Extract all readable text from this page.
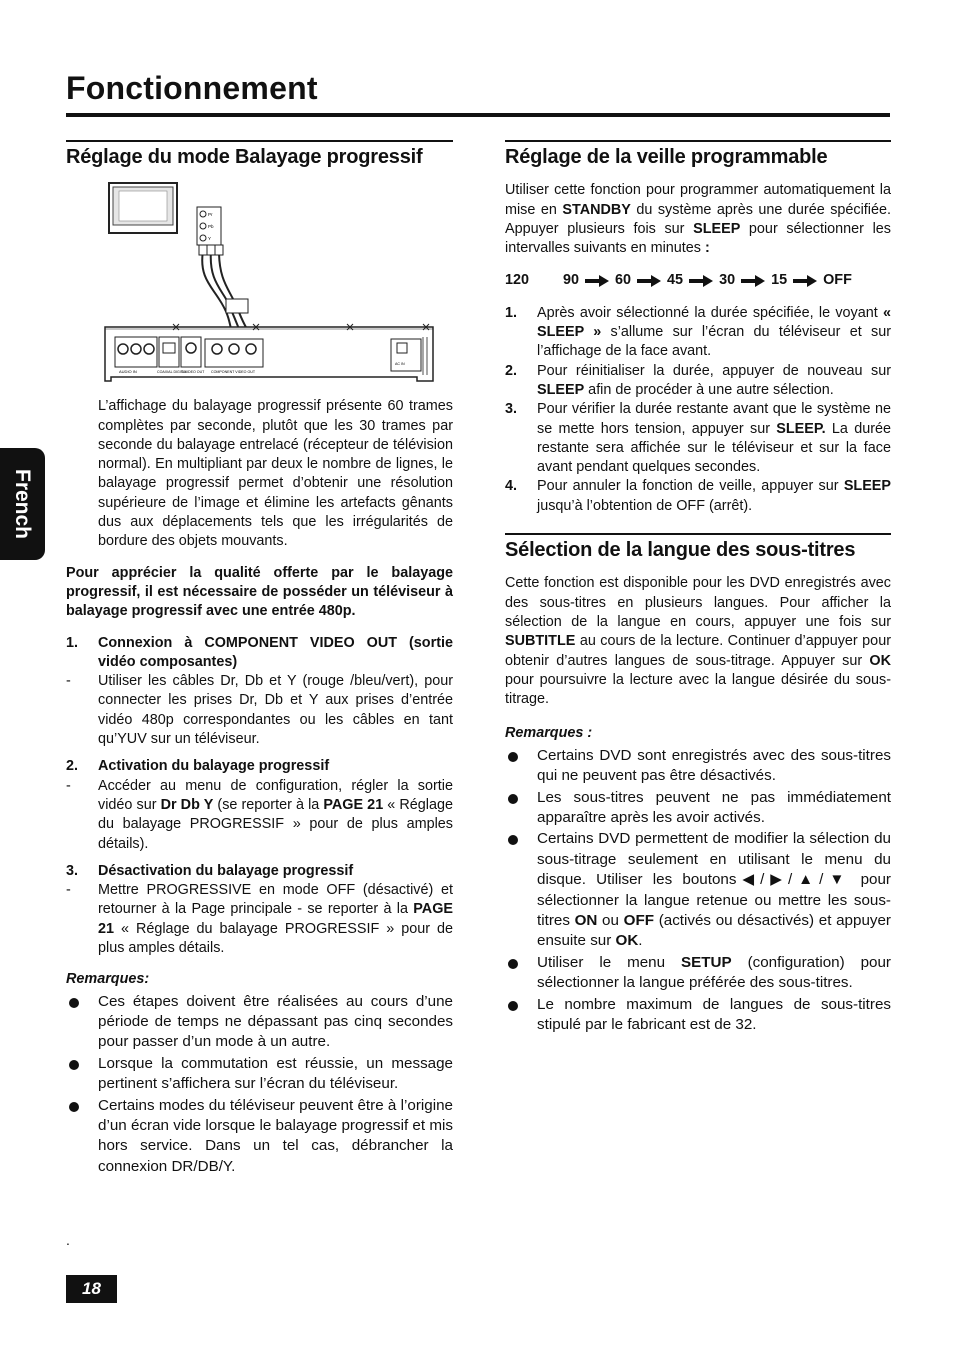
Fonctionnement
French
Réglage du mode Balayage progressif
Pr
Pb
Y
AUDIO IN	COAXIAL DIGITAL
S-VIDEO OUT COMPONENT VIDEO OUT
AC IN

L’affichage du balayage progressif présente 60 trames complètes par seconde, plutôt que les 30 trames par seconde du balayage entrelacé (récepteur de télévision normal). En multipliant par deux le nombre de lignes, le balayage progressif permet d’obtenir une résolution supérieure de l’image et élimine les artefacts gênants dus aux déplacements tels que les irrégularités de bordure des objets mouvants.

Pour apprécier la qualité offerte par le balayage progressif, il est nécessaire de posséder un téléviseur à balayage progressif avec une entrée 480p.

1. Connexion à COMPONENT VIDEO OUT (sortie vidéo composantes)
- Utiliser les câbles Dr, Db et Y (rouge /bleu/vert), pour connecter les prises Dr, Db et Y aux prises d’entrée vidéo 480p correspondantes ou les câbles en tant qu’YUV sur un téléviseur.
2. Activation du balayage progressif
- Accéder au menu de configuration, régler la sortie vidéo sur Dr Db Y (se reporter à la PAGE 21 « Réglage du balayage PROGRESSIF » pour de plus amples détails).
3. Désactivation du balayage progressif
- Mettre PROGRESSIVE en mode OFF (désactivé) et retourner à la Page principale - se reporter à la PAGE 21 « Réglage du balayage PROGRESSIF » pour de plus amples détails.
Remarques:
Ces étapes doivent être réalisées au cours d’une période de temps ne dépassant pas cinq secondes pour passer d’un mode à un autre.
Lorsque la commutation est réussie, un message pertinent s’affichera sur l’écran du téléviseur.
Certains modes du téléviseur peuvent être à l’origine d’un écran vide lorsque le balayage progressif et mis hors service. Dans un tel cas, débrancher la connexion DR/DB/Y.
.
Réglage de la veille programmable

Utiliser cette fonction pour programmer automatiquement la mise en STANDBY du système après une durée spécifiée. Appuyer plusieurs fois sur SLEEP pour sélectionner les intervalles suivants en minutes :

120 90	60	45	30	15	OFF
1. Après avoir sélectionné la durée spécifiée, le voyant « SLEEP » s’allume sur l’écran du téléviseur et sur l’affichage de la face avant.
2. Pour réinitialiser la durée, appuyer de nouveau sur SLEEP afin de procéder à une autre sélection.
3. Pour vérifier la durée restante avant que le système ne se mette hors tension, appuyer sur SLEEP. La durée restante sera affichée sur le téléviseur et sur la face avant pendant quelques secondes.
4. Pour annuler la fonction de veille, appuyer sur SLEEP jusqu’à l’obtention de OFF (arrêt).
Sélection de la langue des sous-titres

Cette fonction est disponible pour les DVD enregistrés avec des sous-titres en plusieurs langues. Pour afficher la sélection de la langue en cours, appuyer une fois sur SUBTITLE au cours de la lecture. Continuer d’appuyer pour obtenir d’autres langues de sous-titrage. Appuyer sur OK pour poursuivre la lecture avec la langue désirée du sous-titrage.

Remarques :
Certains DVD sont enregistrés avec des sous-titres qui ne peuvent pas être désactivés.
Les sous-titres peuvent ne pas immédiatement apparaître après les avoir activés.
Certains DVD permettent de modifier la sélection du sous-titrage seulement en utilisant le menu du disque. Utiliser les boutons◀/▶/▲/▼ pour sélectionner la langue retenue ou mettre les sous-titres ON ou OFF (activés ou désactivés) et appuyer ensuite sur OK.
Utiliser le menu SETUP (configuration) pour sélectionner la langue préférée des sous-titres.
Le nombre maximum de langues de sous-titres stipulé par le fabricant est de 32.
18
